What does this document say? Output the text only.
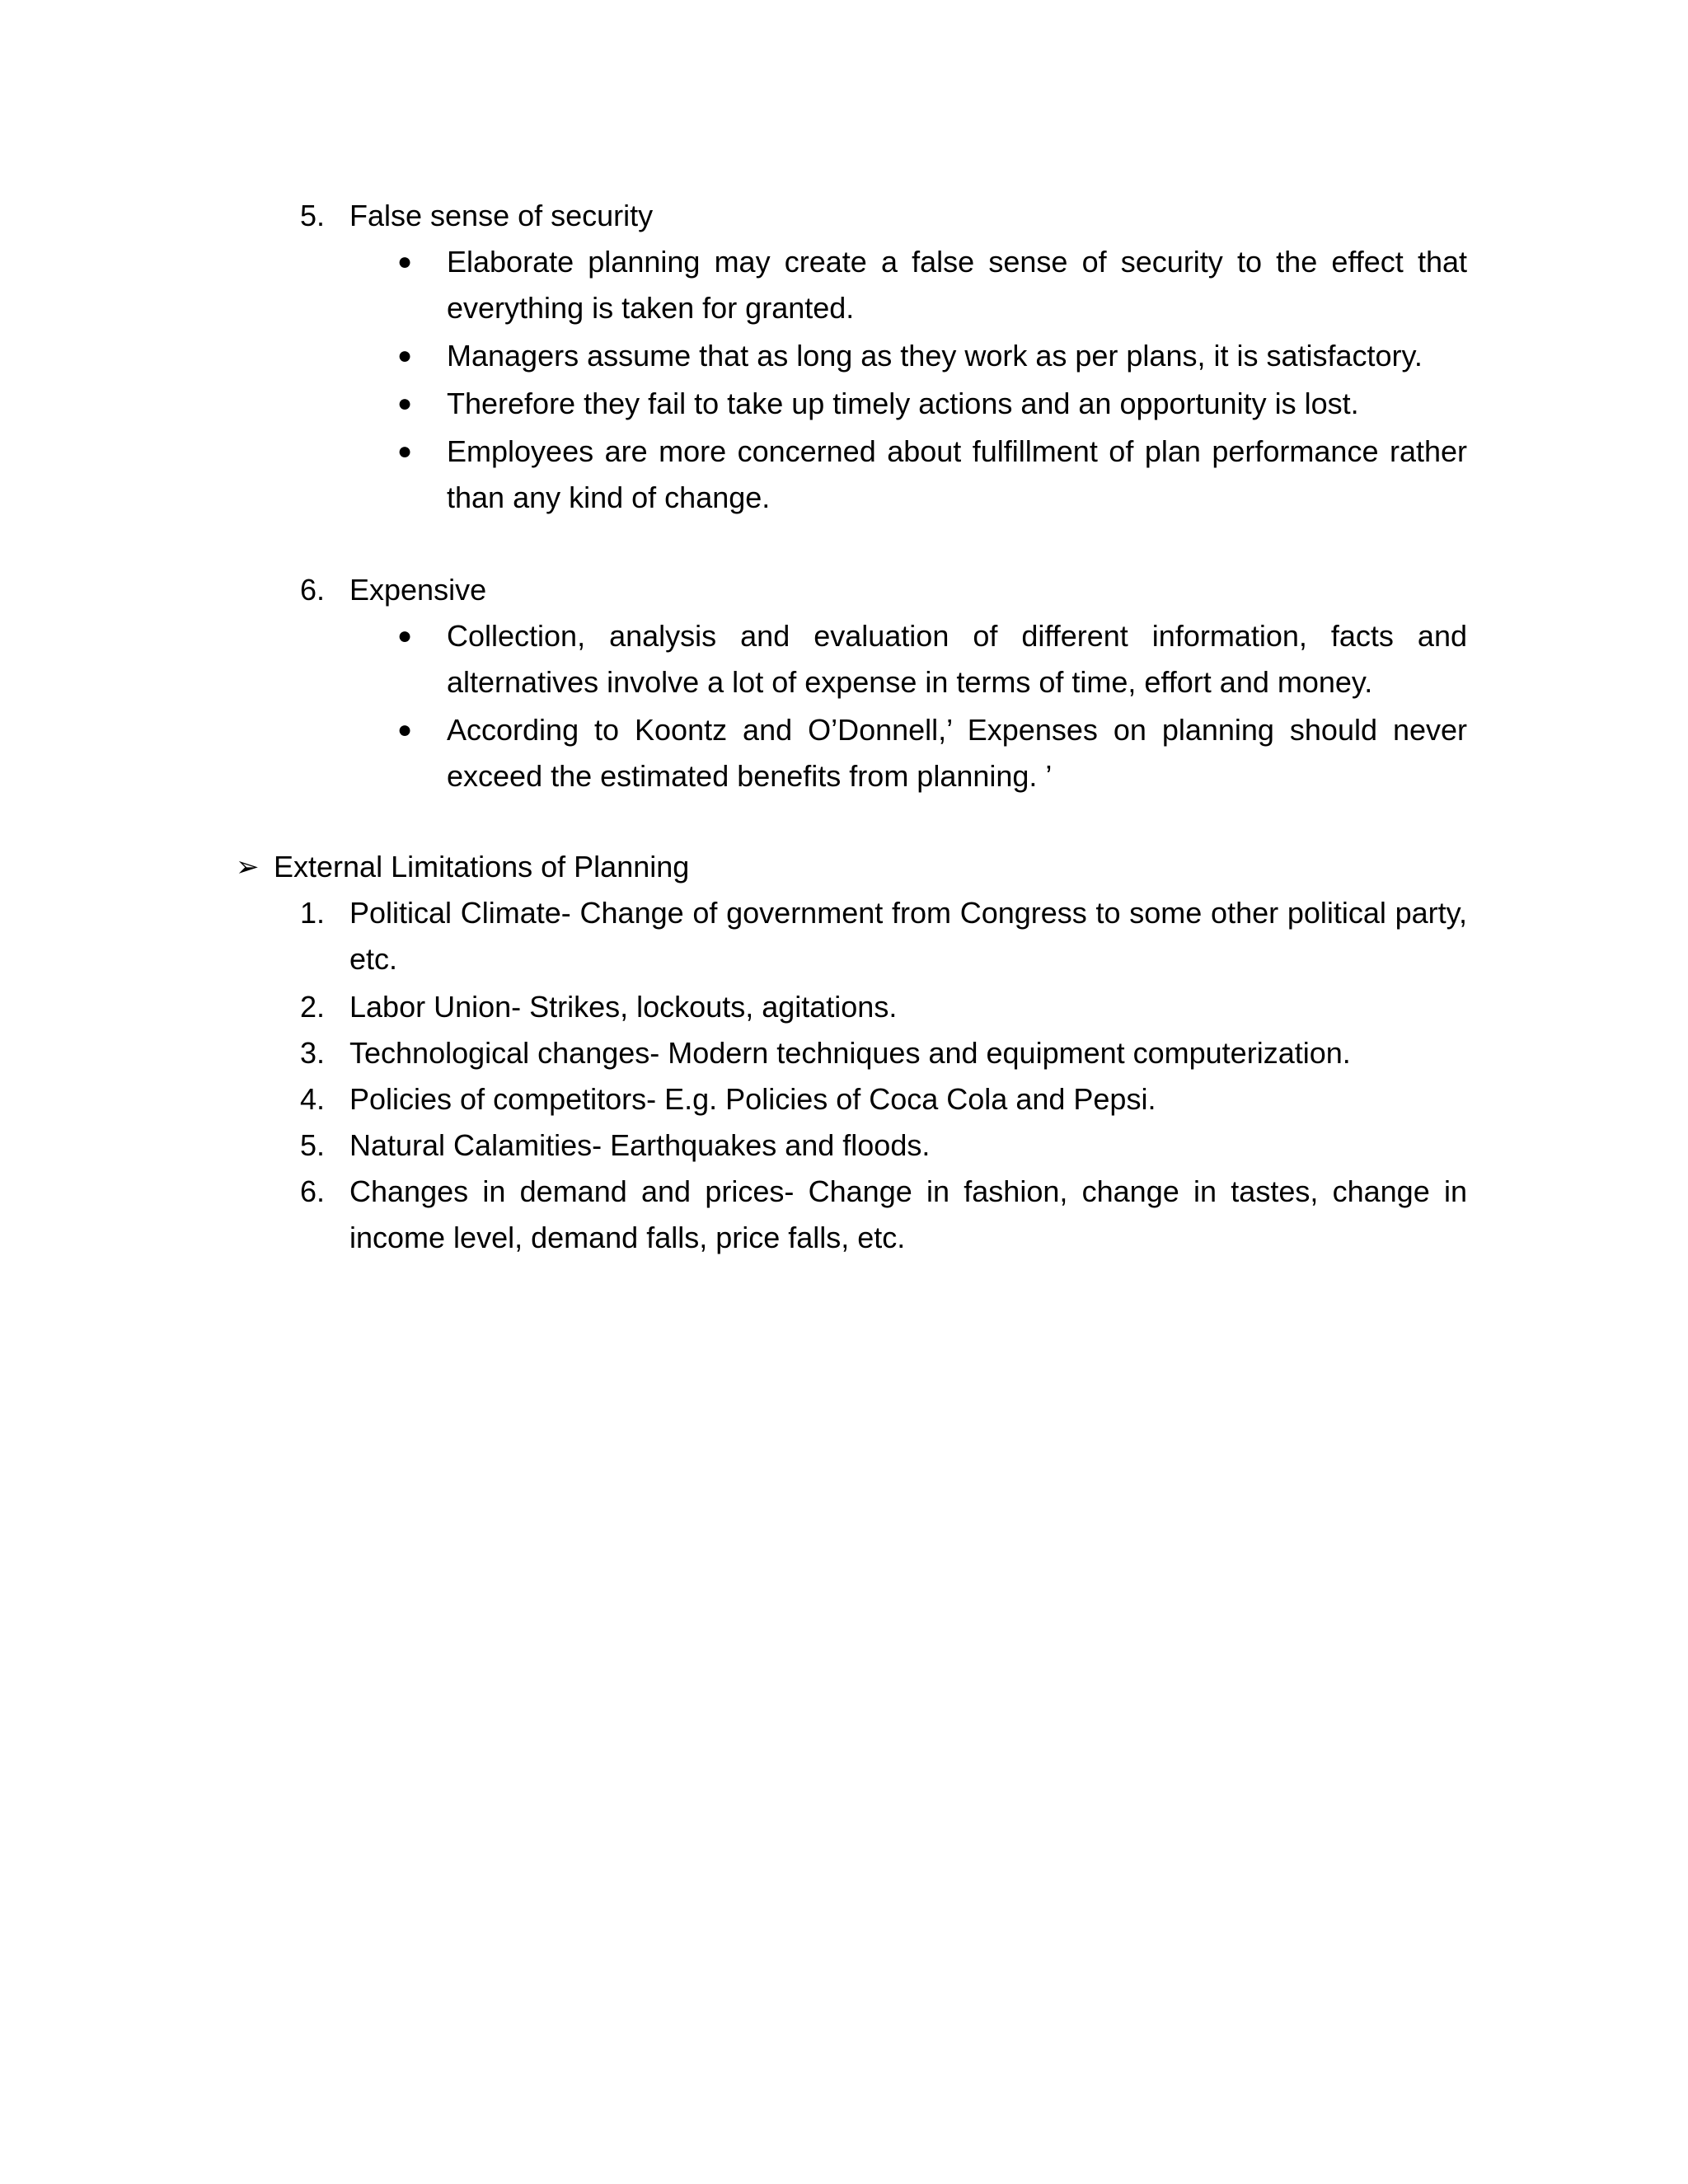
5. False sense of security
●	Elaborate planning may create a false sense of security to the effect that everything is taken for granted.
●	Managers assume that as long as they work as per plans, it is satisfactory.
●	Therefore they fail to take up timely actions and an opportunity is lost.
●	Employees are more concerned about fulfillment of plan performance rather than any kind of change.
6. Expensive
●	Collection, analysis and evaluation of different information, facts and alternatives involve a lot of expense in terms of time, effort and money.
●	According to Koontz and O’Donnell,’ Expenses on planning should never exceed the estimated benefits from planning. ’
➢ External Limitations of Planning
1. Political Climate- Change of government from Congress to some other political party, etc.
2. Labor Union- Strikes, lockouts, agitations.
3. Technological changes- Modern techniques and equipment computerization.
4. Policies of competitors- E.g. Policies of Coca Cola and Pepsi.
5. Natural Calamities- Earthquakes and floods.
6. Changes in demand and prices- Change in fashion, change in tastes, change in income level, demand falls, price falls, etc.
